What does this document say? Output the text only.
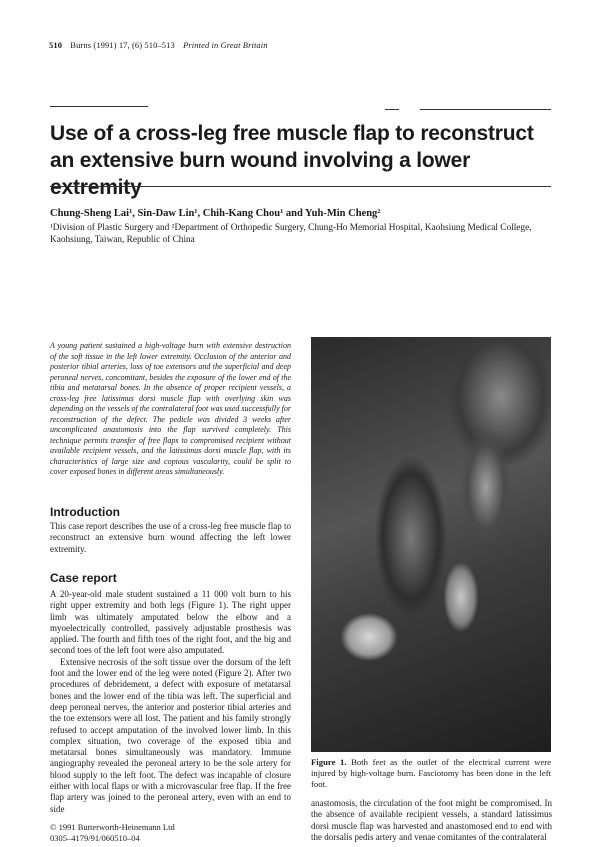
510 Burns (1991) 17, (6) 510–513 Printed in Great Britain
Use of a cross-leg free muscle flap to reconstruct an extensive burn wound involving a lower extremity
Chung-Sheng Lai¹, Sin-Daw Lin¹, Chih-Kang Chou¹ and Yuh-Min Cheng²
¹Division of Plastic Surgery and ²Department of Orthopedic Surgery, Chung-Ho Memorial Hospital, Kaohsiung Medical College, Kaohsiung, Taiwan, Republic of China

A young patient sustained a high-voltage burn with extensive destruction of the soft tissue in the left lower extremity. Occlusion of the anterior and posterior tibial arteries, loss of toe extensors and the superficial and deep peroneal nerves, concomitant, besides the exposure of the lower end of the tibia and metatarsal bones. In the absence of proper recipient vessels, a cross-leg free latissimus dorsi muscle flap with overlying skin was depending on the vessels of the contralateral foot was used successfully for reconstruction of the defect. The pedicle was divided 3 weeks after uncomplicated anastomosis into the flap survived completely. This technique permits transfer of free flaps to compromised recipient without available recipient vessels, and the latissimus dorsi muscle flap, with its characteristics of large size and copious vascularity, could be split to cover exposed bones in different areas simultaneously.

Introduction

This case report describes the use of a cross-leg free muscle flap to reconstruct an extensive burn wound affecting the left lower extremity.

Case report

A 20-year-old male student sustained a 11 000 volt burn to his right upper extremity and both legs (Figure 1). The right upper limb was ultimately amputated below the elbow and a myoelectrically controlled, passively adjustable prosthesis was applied. The fourth and fifth toes of the right foot, and the big and second toes of the left foot were also amputated.

Extensive necrosis of the soft tissue over the dorsum of the left foot and the lower end of the leg were noted (Figure 2). After two procedures of debridement, a defect with exposure of metatarsal bones and the lower end of the tibia was left. The superficial and deep peroneal nerves, the anterior and posterior tibial arteries and the toe extensors were all lost. The patient and his family strongly refused to accept amputation of the involved lower limb. In this complex situation, two coverage of the exposed tibia and metatarsal bones simultaneously was mandatory. Immune angiography revealed the peroneal artery to be the sole artery for blood supply to the left foot. The defect was incapable of closure either with local flaps or with a microvascular free flap. If the free flap artery was joined to the peroneal artery, even with an end to side

Figure 1. Both feet as the outlet of the electrical current were injured by high-voltage burn. Fasciotomy has been done in the left foot.

anastomosis, the circulation of the foot might be compromised. In the absence of available recipient vessels, a standard latissimus dorsi muscle flap was harvested and anastomosed end to end with the dorsalis pedis artery and venae comitantes of the contralateral

© 1991 Butterworth-Heinemann Ltd
0305–4179/91/060510–04
